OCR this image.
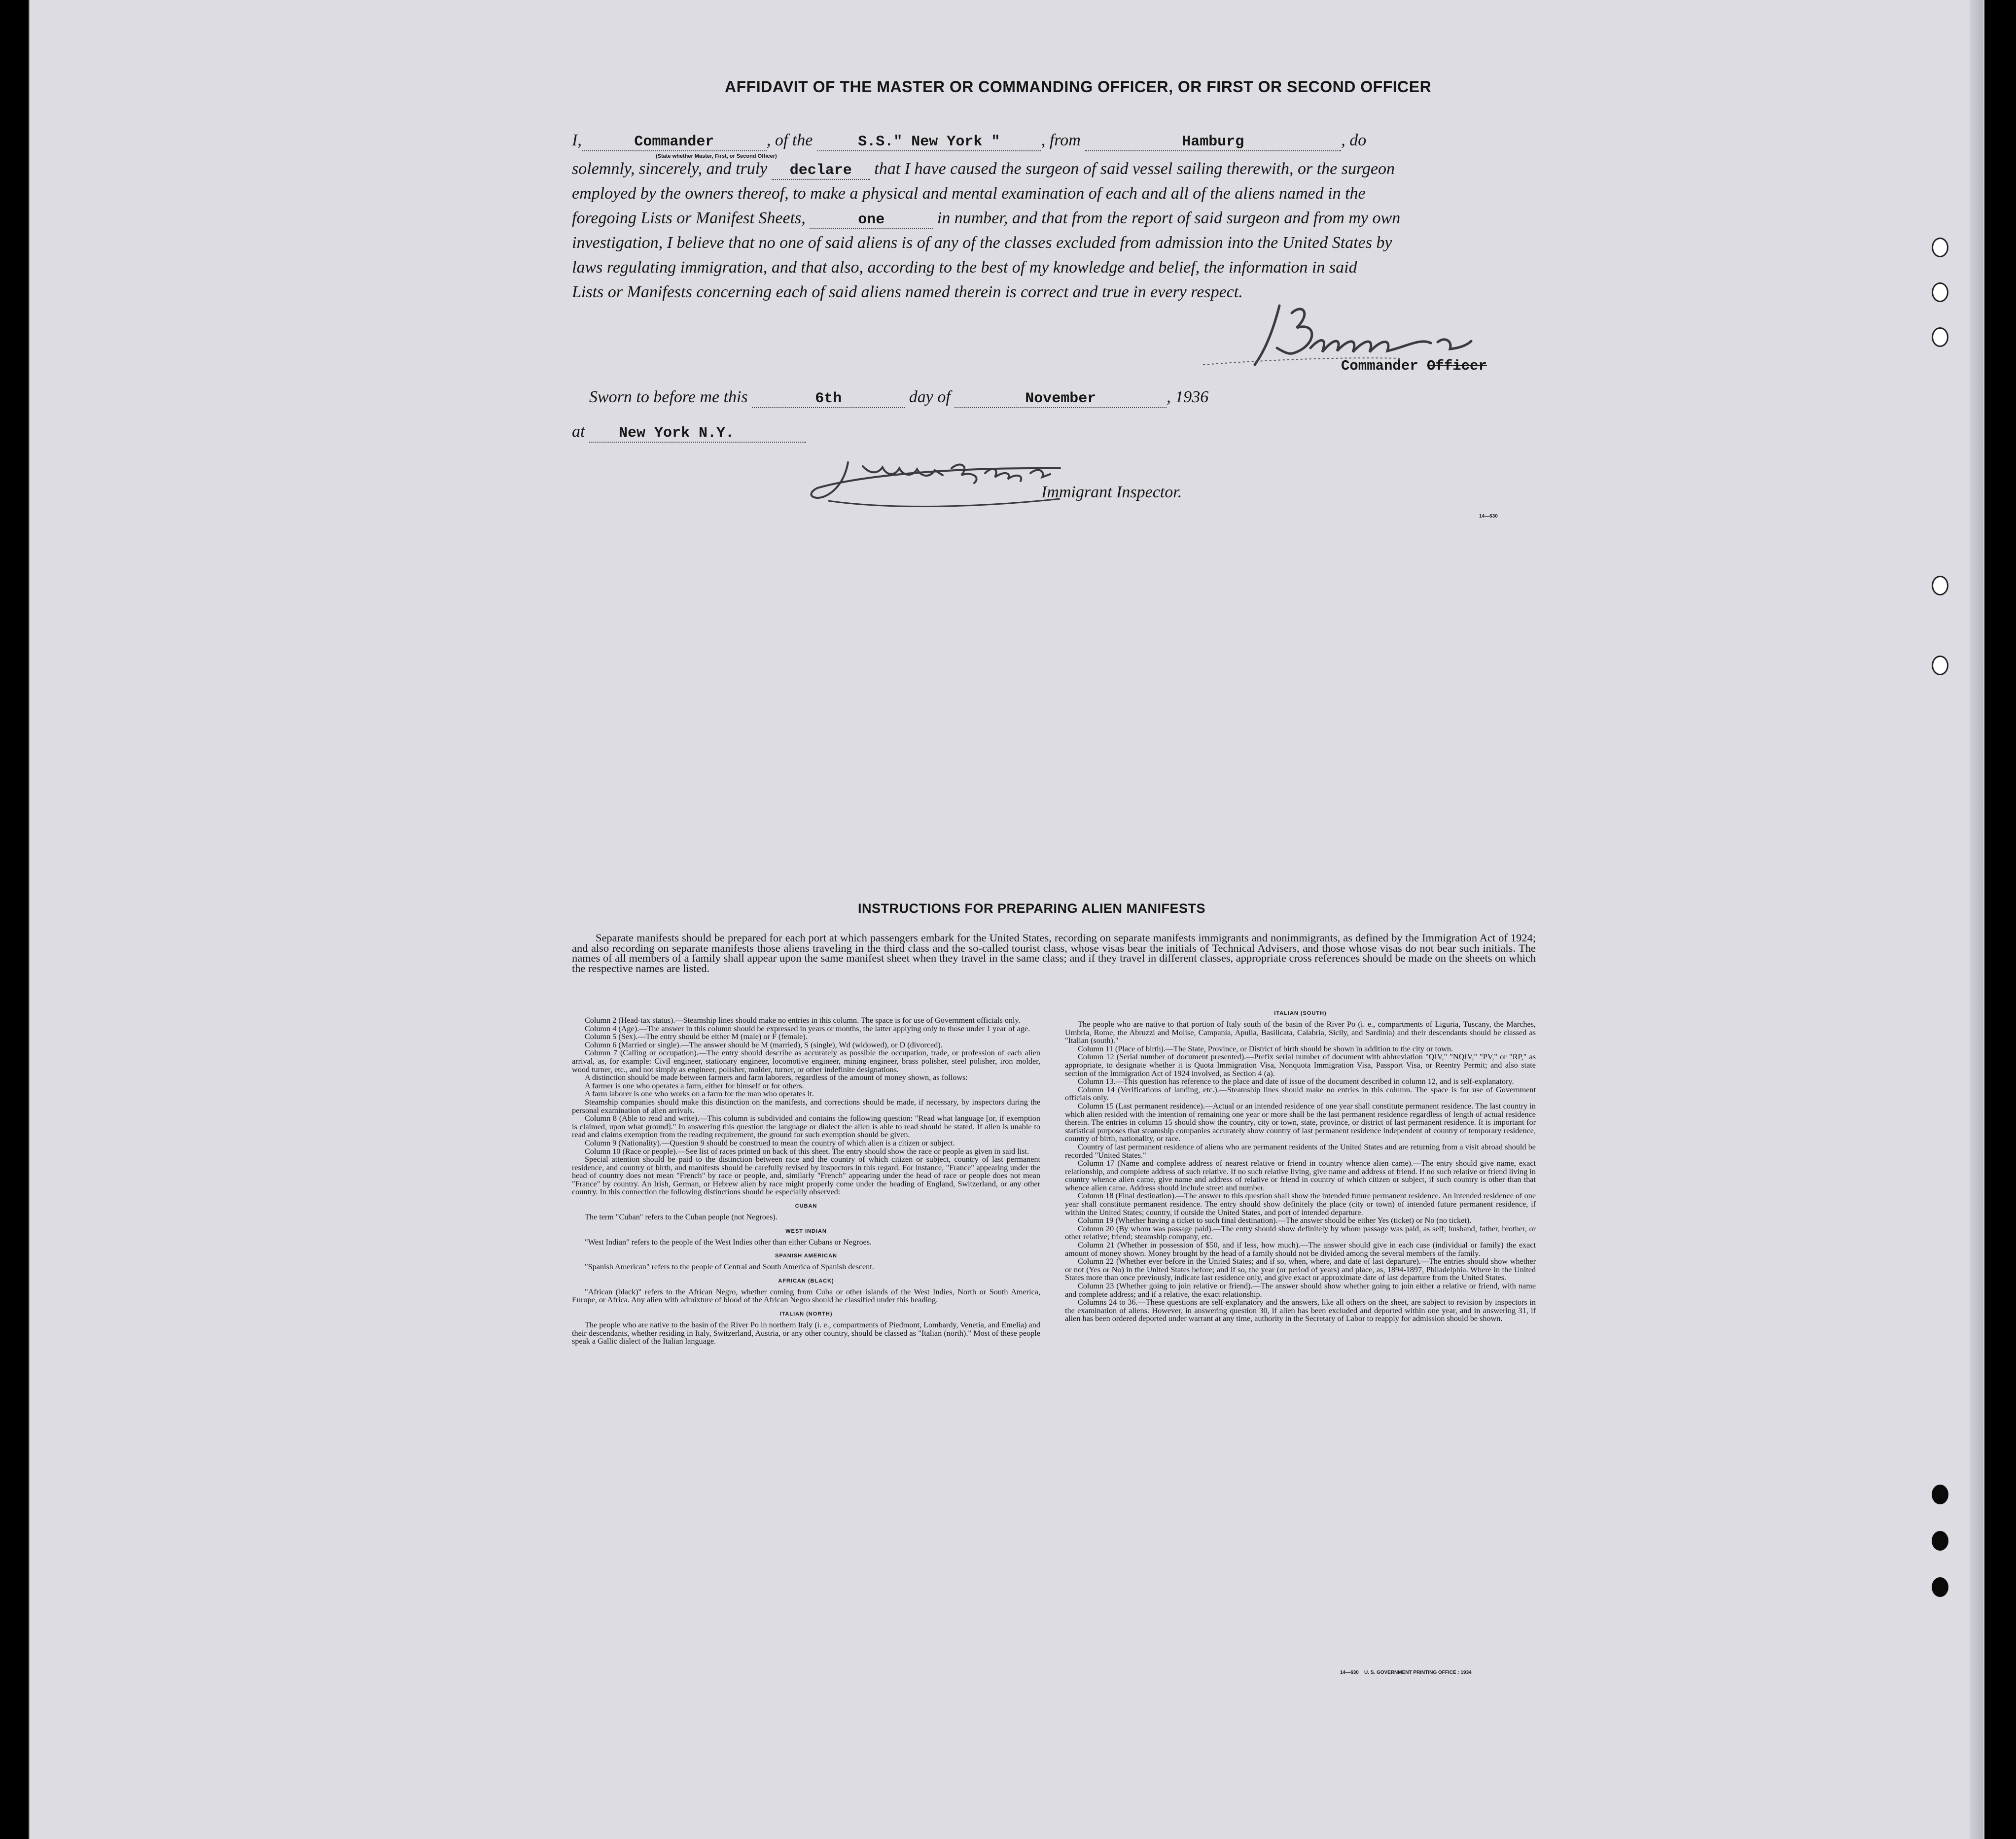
AFFIDAVIT OF THE MASTER OR COMMANDING OFFICER, OR FIRST OR SECOND OFFICER
I,	Commander	, of the	S.S." New York " , from	Hamburg	, do
(State whether Master, First, or Second Officer)
solemnly, sincerely, and truly declare that I have caused the surgeon of said vessel sailing therewith, or the surgeon
employed by the owners thereof, to make a physical and mental examination of each and all of the aliens named in the
foregoing Lists or Manifest Sheets,	one	in number, and that from the report of said surgeon and from my own
investigation, I believe that no one of said aliens is of any of the classes excluded from admission into the United States by
laws regulating immigration, and that also, according to the best of my knowledge and belief, the information in said
Lists or Manifests concerning each of said aliens named therein is correct and true in every respect.
Commander Officer
Sworn to before me this	6th	day of	November	, 1936
at New York N.Y.
Immigrant Inspector.
14—630
INSTRUCTIONS FOR PREPARING ALIEN MANIFESTS
Separate manifests should be prepared for each port at which passengers embark for the United States, recording on separate manifests immigrants and nonimmigrants, as defined by the Immigration Act of 1924; and also recording on separate manifests those aliens traveling in the third class and the so-called tourist class, whose visas bear the initials of Technical Advisers, and those whose visas do not bear such initials. The names of all members of a family shall appear upon the same manifest sheet when they travel in the same class; and if they travel in different classes, appropriate cross references should be made on the sheets on which the respective names are listed.

Column 2 (Head-tax status).—Steamship lines should make no entries in this column. The space is for use of Government officials only.

Column 4 (Age).—The answer in this column should be expressed in years or months, the latter applying only to those under 1 year of age.

Column 5 (Sex).—The entry should be either M (male) or F (female).

Column 6 (Married or single).—The answer should be M (married), S (single), Wd (widowed), or D (divorced).

Column 7 (Calling or occupation).—The entry should describe as accurately as possible the occupation, trade, or profession of each alien arrival, as, for example: Civil engineer, stationary engineer, locomotive engineer, mining engineer, brass polisher, steel polisher, iron molder, wood turner, etc., and not simply as engineer, polisher, molder, turner, or other indefinite designations.

A distinction should be made between farmers and farm laborers, regardless of the amount of money shown, as follows:

A farmer is one who operates a farm, either for himself or for others.

A farm laborer is one who works on a farm for the man who operates it.

Steamship companies should make this distinction on the manifests, and corrections should be made, if necessary, by inspectors during the personal examination of alien arrivals.

Column 8 (Able to read and write).—This column is subdivided and contains the following question: "Read what language [or, if exemption is claimed, upon what ground]." In answering this question the language or dialect the alien is able to read should be stated. If alien is unable to read and claims exemption from the reading requirement, the ground for such exemption should be given.

Column 9 (Nationality).—Question 9 should be construed to mean the country of which alien is a citizen or subject.

Column 10 (Race or people).—See list of races printed on back of this sheet. The entry should show the race or people as given in said list.

Special attention should be paid to the distinction between race and the country of which citizen or subject, country of last permanent residence, and country of birth, and manifests should be carefully revised by inspectors in this regard. For instance, "France" appearing under the head of country does not mean "French" by race or people, and, similarly "French" appearing under the head of race or people does not mean "France" by country. An Irish, German, or Hebrew alien by race might properly come under the heading of England, Switzerland, or any other country. In this connection the following distinctions should be especially observed:

CUBAN

The term "Cuban" refers to the Cuban people (not Negroes).

WEST INDIAN

"West Indian" refers to the people of the West Indies other than either Cubans or Negroes.

SPANISH AMERICAN

"Spanish American" refers to the people of Central and South America of Spanish descent.

AFRICAN (BLACK)

"African (black)" refers to the African Negro, whether coming from Cuba or other islands of the West Indies, North or South America, Europe, or Africa. Any alien with admixture of blood of the African Negro should be classified under this heading.

ITALIAN (NORTH)

The people who are native to the basin of the River Po in northern Italy (i. e., compartments of Piedmont, Lombardy, Venetia, and Emelia) and their descendants, whether residing in Italy, Switzerland, Austria, or any other country, should be classed as "Italian (north)." Most of these people speak a Gallic dialect of the Italian language.

ITALIAN (SOUTH)

The people who are native to that portion of Italy south of the basin of the River Po (i. e., compartments of Liguria, Tuscany, the Marches, Umbria, Rome, the Abruzzi and Molise, Campania, Apulia, Basilicata, Calabria, Sicily, and Sardinia) and their descendants should be classed as "Italian (south)."

Column 11 (Place of birth).—The State, Province, or District of birth should be shown in addition to the city or town.

Column 12 (Serial number of document presented).—Prefix serial number of document with abbreviation "QIV," "NQIV," "PV," or "RP," as appropriate, to designate whether it is Quota Immigration Visa, Nonquota Immigration Visa, Passport Visa, or Reentry Permit; and also state section of the Immigration Act of 1924 involved, as Section 4 (a).

Column 13.—This question has reference to the place and date of issue of the document described in column 12, and is self-explanatory.

Column 14 (Verifications of landing, etc.).—Steamship lines should make no entries in this column. The space is for use of Government officials only.

Column 15 (Last permanent residence).—Actual or an intended residence of one year shall constitute permanent residence. The last country in which alien resided with the intention of remaining one year or more shall be the last permanent residence regardless of length of actual residence therein. The entries in column 15 should show the country, city or town, state, province, or district of last permanent residence. It is important for statistical purposes that steamship companies accurately show country of last permanent residence independent of country of temporary residence, country of birth, nationality, or race.

Country of last permanent residence of aliens who are permanent residents of the United States and are returning from a visit abroad should be recorded "United States."

Column 17 (Name and complete address of nearest relative or friend in country whence alien came).—The entry should give name, exact relationship, and complete address of such relative. If no such relative living, give name and address of friend. If no such relative or friend living in country whence alien came, give name and address of relative or friend in country of which citizen or subject, if such country is other than that whence alien came. Address should include street and number.

Column 18 (Final destination).—The answer to this question shall show the intended future permanent residence. An intended residence of one year shall constitute permanent residence. The entry should show definitely the place (city or town) of intended future permanent residence, if within the United States; country, if outside the United States, and port of intended departure.

Column 19 (Whether having a ticket to such final destination).—The answer should be either Yes (ticket) or No (no ticket).

Column 20 (By whom was passage paid).—The entry should show definitely by whom passage was paid, as self; husband, father, brother, or other relative; friend; steamship company, etc.

Column 21 (Whether in possession of $50, and if less, how much).—The answer should give in each case (individual or family) the exact amount of money shown. Money brought by the head of a family should not be divided among the several members of the family.

Column 22 (Whether ever before in the United States; and if so, when, where, and date of last departure).—The entries should show whether or not (Yes or No) in the United States before; and if so, the year (or period of years) and place, as, 1894-1897, Philadelphia. Where in the United States more than once previously, indicate last residence only, and give exact or approximate date of last departure from the United States.

Column 23 (Whether going to join relative or friend).—The answer should show whether going to join either a relative or friend, with name and complete address; and if a relative, the exact relationship.

Columns 24 to 36.—These questions are self-explanatory and the answers, like all others on the sheet, are subject to revision by inspectors in the examination of aliens. However, in answering question 30, if alien has been excluded and deported within one year, and in answering 31, if alien has been ordered deported under warrant at any time, authority in the Secretary of Labor to reapply for admission should be shown.

14—630 U. S. GOVERNMENT PRINTING OFFICE : 1934
